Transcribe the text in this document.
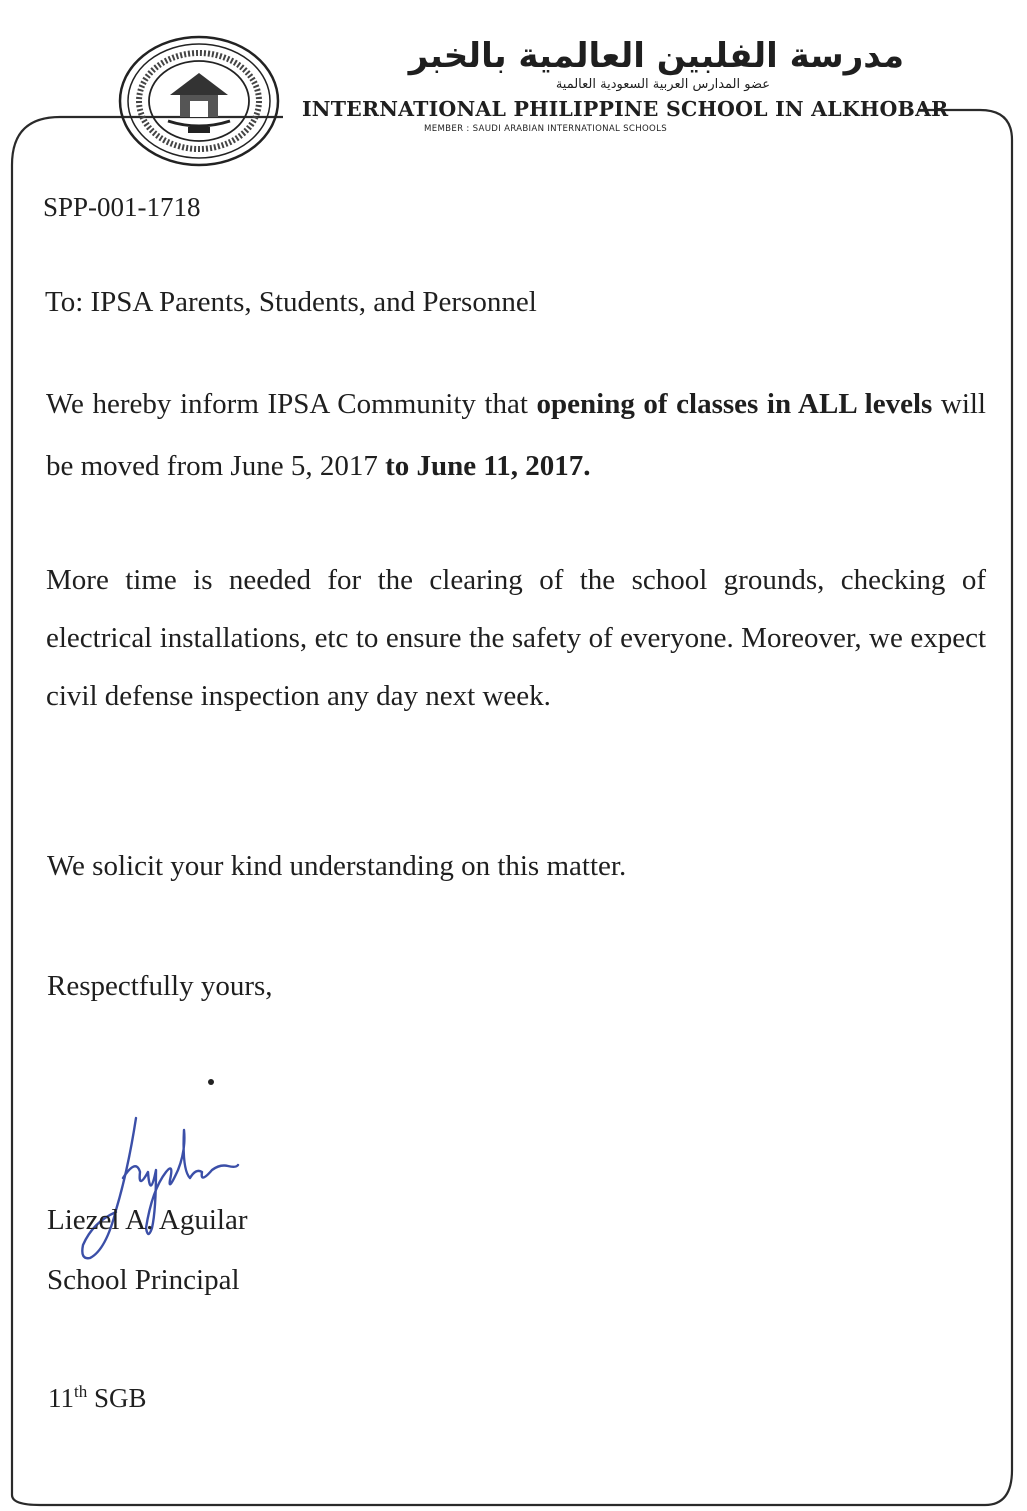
مدرسة الفلبين العالمية بالخبر
عضو المدارس العربية السعودية العالمية
INTERNATIONAL PHILIPPINE SCHOOL IN ALKHOBAR
MEMBER : SAUDI ARABIAN INTERNATIONAL SCHOOLS
SPP-001-1718
To: IPSA Parents, Students, and Personnel
We hereby inform IPSA Community that opening of classes in ALL levels will be moved from June 5, 2017 to June 11, 2017.
More time is needed for the clearing of the school grounds, checking of electrical installations, etc to ensure the safety of everyone. Moreover, we expect civil defense inspection any day next week.
We solicit your kind understanding on this matter.
Respectfully yours,
Liezel A. Aguilar
School Principal
11th SGB
